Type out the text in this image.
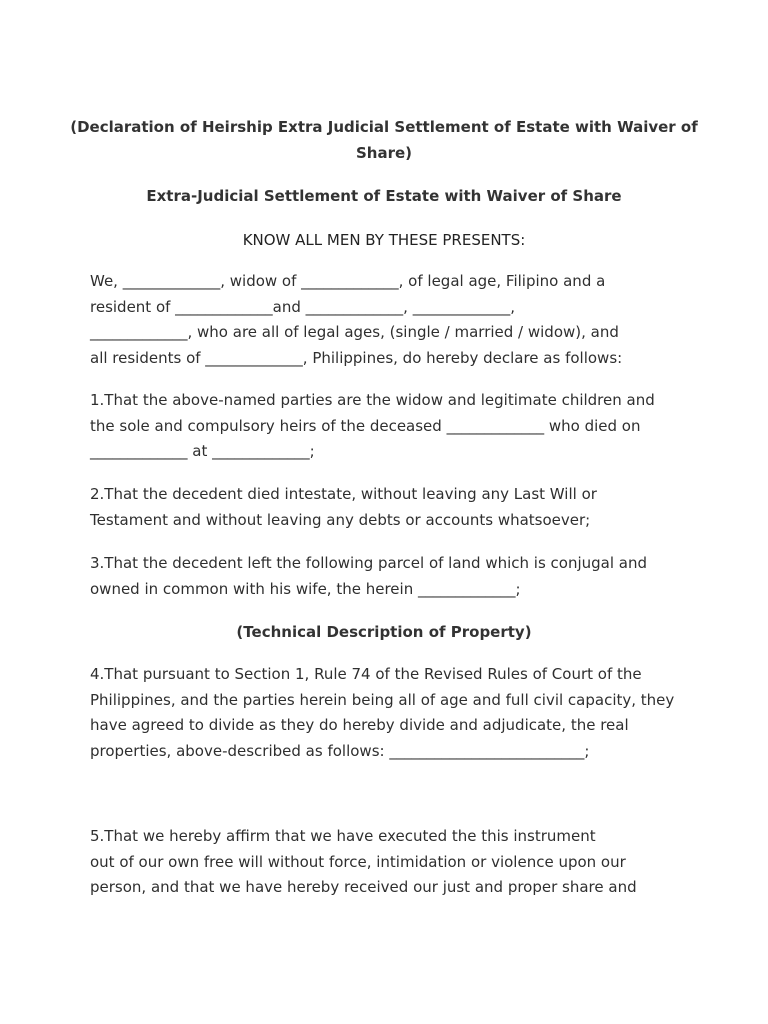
(Declaration of Heirship Extra Judicial Settlement of Estate with Waiver of Share)
Extra-Judicial Settlement of Estate with Waiver of Share
KNOW ALL MEN BY THESE PRESENTS:
We, _____________, widow of _____________, of legal age, Filipino and a
resident of _____________and _____________, _____________,
_____________, who are all of legal ages, (single / married / widow), and
all residents of _____________, Philippines, do hereby declare as follows:
1.That the above-named parties are the widow and legitimate children and
the sole and compulsory heirs of the deceased _____________ who died on
_____________ at _____________;
2.That the decedent died intestate, without leaving any Last Will or
Testament and without leaving any debts or accounts whatsoever;
3.That the decedent left the following parcel of land which is conjugal and
owned in common with his wife, the herein _____________;
(Technical Description of Property)
4.That pursuant to Section 1, Rule 74 of the Revised Rules of Court of the
Philippines, and the parties herein being all of age and full civil capacity, they
have agreed to divide as they do hereby divide and adjudicate, the real
properties, above-described as follows: __________________________;
5.That we hereby affirm that we have executed the this instrument
out of our own free will without force, intimidation or violence upon our
person, and that we have hereby received our just and proper share and
